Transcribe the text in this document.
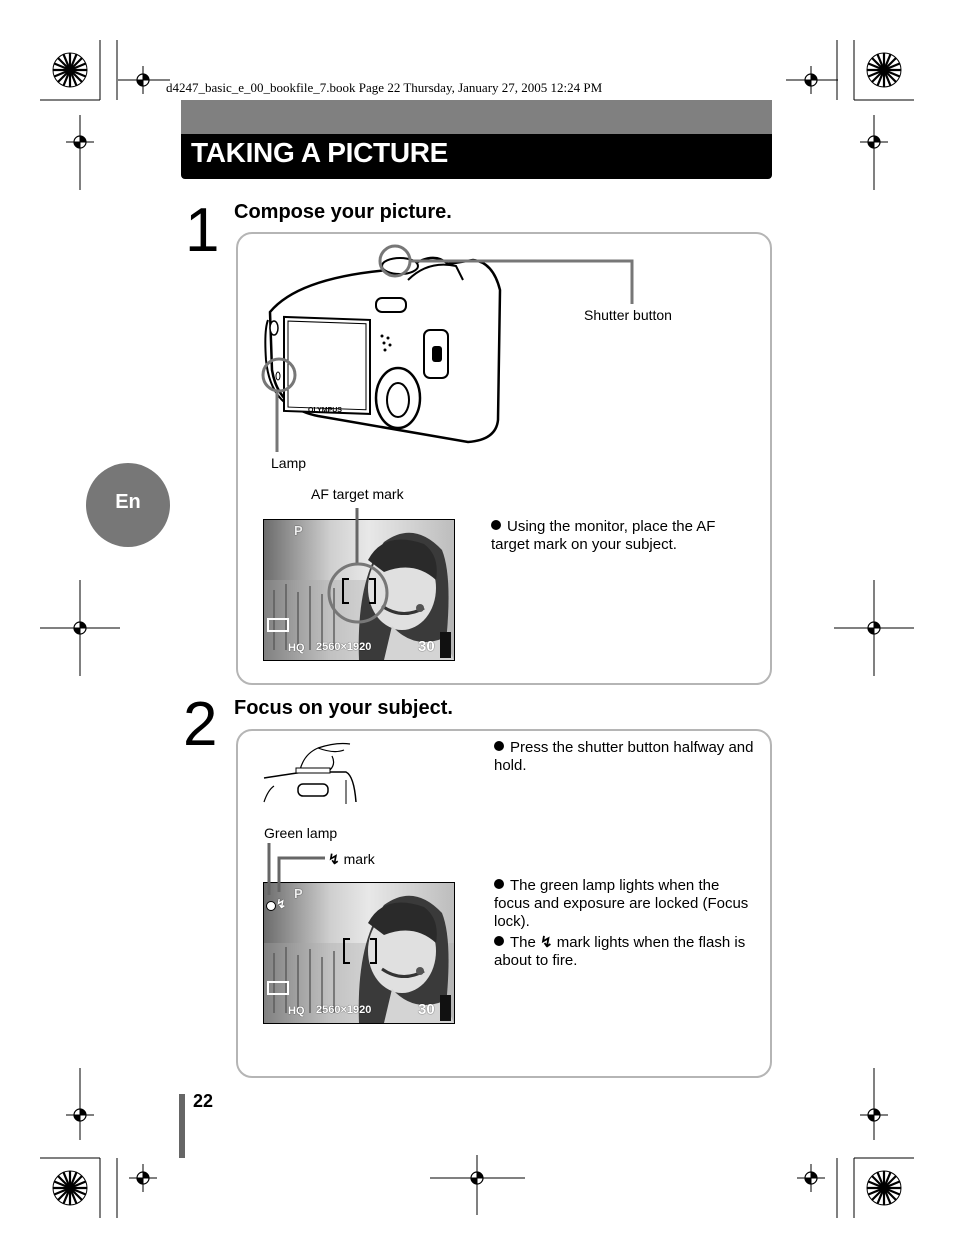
d4247_basic_e_00_bookfile_7.book Page 22 Thursday, January 27, 2005 12:24 PM
TAKING A PICTURE
En
1 Compose your picture.
OLYMPUS
Shutter button
Lamp
AF target mark
P
HQ 2560×1920	30
Using the monitor, place the AF target mark on your subject.
2 Focus on your subject.
Press the shutter button halfway and hold.
Green lamp
↯ mark
P
↯
HQ 2560×1920	30
The green lamp lights when the focus and exposure are locked (Focus lock).
The ↯ mark lights when the flash is about to fire.
22
